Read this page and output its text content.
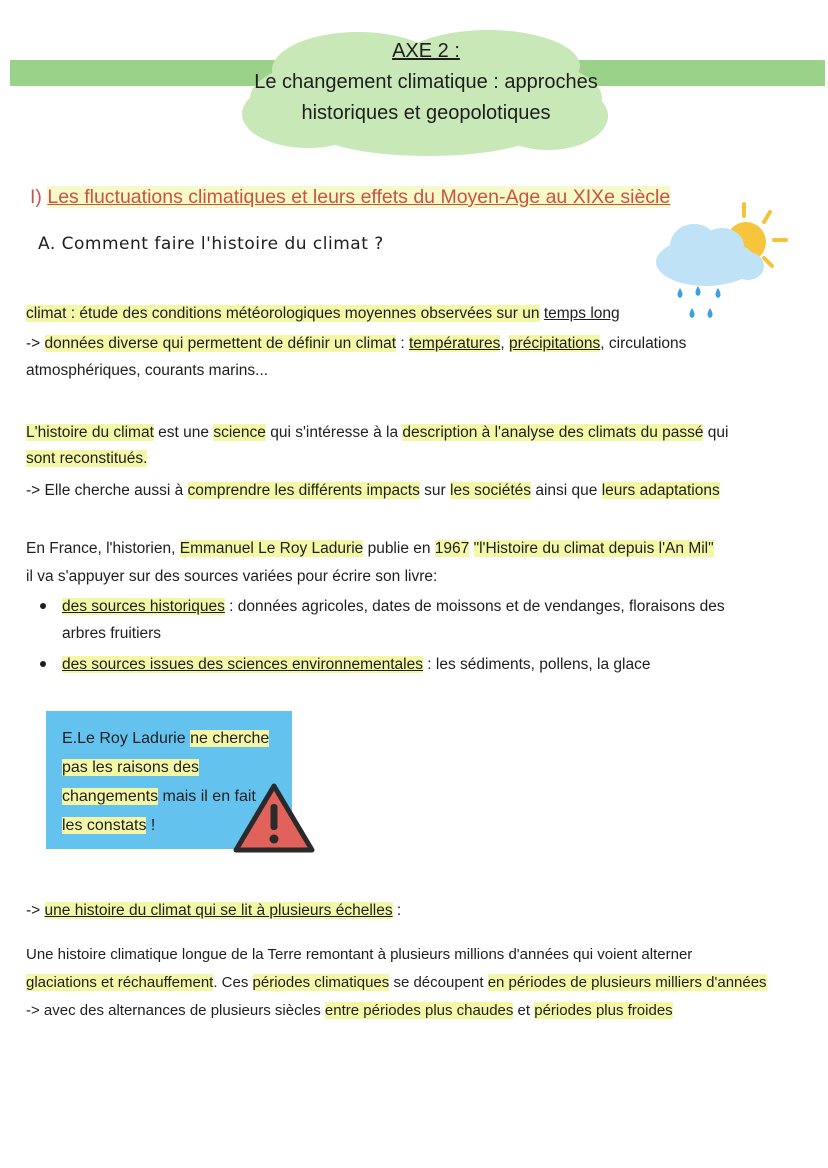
AXE 2 :
Le changement climatique : approches
historiques et geopolotiques
I) Les fluctuations climatiques et leurs effets du Moyen-Age au XIXe siècle
A. Comment faire l'histoire du climat ?
climat : étude des conditions météorologiques moyennes observées sur un temps long
-> données diverse qui permettent de définir un climat : températures, précipitations, circulations
atmosphériques, courants marins...
L'histoire du climat est une science qui s'intéresse à la description à l'analyse des climats du passé qui
sont reconstitués.
-> Elle cherche aussi à comprendre les différents impacts sur les sociétés ainsi que leurs adaptations
En France, l'historien, Emmanuel Le Roy Ladurie publie en 1967 "l'Histoire du climat depuis l'An Mil"
il va s'appuyer sur des sources variées pour écrire son livre:
des sources historiques : données agricoles, dates de moissons et de vendanges, floraisons des
arbres fruitiers
des sources issues des sciences environnementales : les sédiments, pollens, la glace
E.Le Roy Ladurie ne cherche
pas les raisons des
changements mais il en fait
les constats !
-> une histoire du climat qui se lit à plusieurs échelles :
Une histoire climatique longue de la Terre remontant à plusieurs millions d'années qui voient alterner
glaciations et réchauffement. Ces périodes climatiques se découpent en périodes de plusieurs milliers d'années
-> avec des alternances de plusieurs siècles entre périodes plus chaudes et périodes plus froides
